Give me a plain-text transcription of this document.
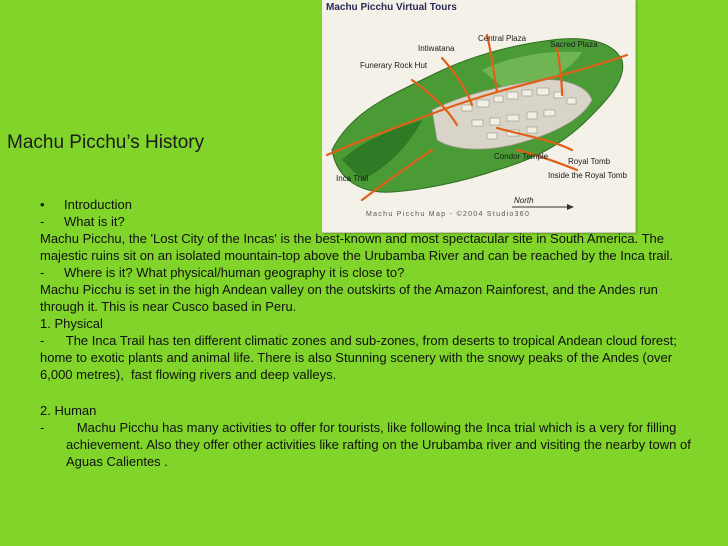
Machu Picchu Virtual Tours
Central Plaza
Sacred Plaza
Intiwatana
Funerary Rock Hut
Condor Temple
Royal Tomb
Inside the Royal Tomb
Inca Trail
North
Machu Picchu Map - ©2004 Studio360
Machu Picchu’s History
•	Introduction
-	What is it?
Machu Picchu, the 'Lost City of the Incas' is the best-known and most spectacular site in South America. The majestic ruins sit on an isolated mountain-top above the Urubamba River and can be reached by the Inca trail.
-	Where is it? What physical/human geography it is close to?
Machu Picchu is set in the high Andean valley on the outskirts of the Amazon Rainforest, and the Andes run through it. This is near Cusco based in Peru.
1. Physical
-      The Inca Trail has ten different climatic zones and sub-zones, from deserts to tropical Andean cloud forest; home to exotic plants and animal life. There is also Stunning scenery with the snowy peaks of the Andes (over 6,000 metres),  fast flowing rivers and deep valleys.
2. Human
-	Machu Picchu has many activities to offer for tourists, like following the Inca trial which is a very for filling achievement. Also they offer other activities like rafting on the Urubamba river and visiting the nearby town of Aguas Calientes .
